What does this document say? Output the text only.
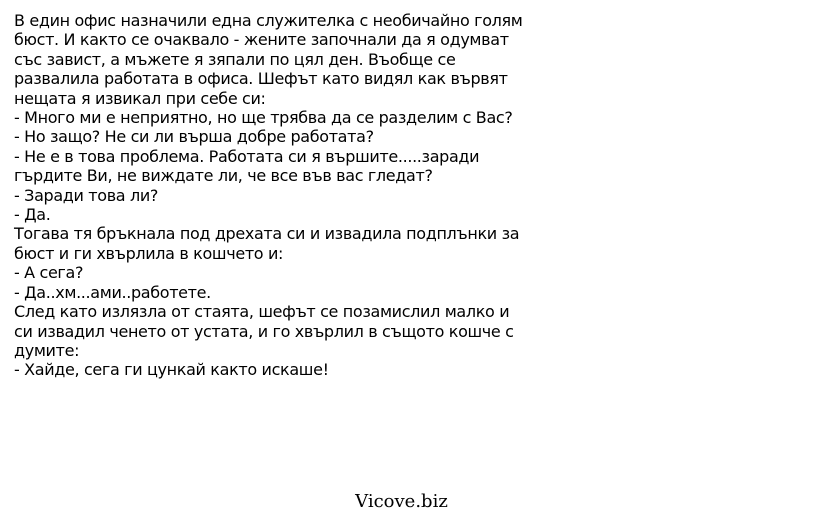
В един офис назначили една служителка с необичайно голям
бюст. И както се очаквало - жените започнали да я одумват
със завист, а мъжете я зяпали по цял ден. Въобще се
развалила работата в офиса. Шефът като видял как вървят
нещата я извикал при себе си:
- Много ми е неприятно, но ще трябва да се разделим с Вас?
- Но защо? Не си ли върша добре работата?
- Не е в това проблема. Работата си я вършите.....заради
гърдите Ви, не виждате ли, че все във вас гледат?
- Заради това ли?
- Да.
Тогава тя бръкнала под дрехата си и извадила подплънки за
бюст и ги хвърлила в кошчето и:
- А сега?
- Да..хм...ами..работете.
След като излязла от стаята, шефът се позамислил малко и
си извадил ченето от устата, и го хвърлил в същото кошче с
думите:
- Хайде, сега ги цункай както искаше!
Vicove.biz
